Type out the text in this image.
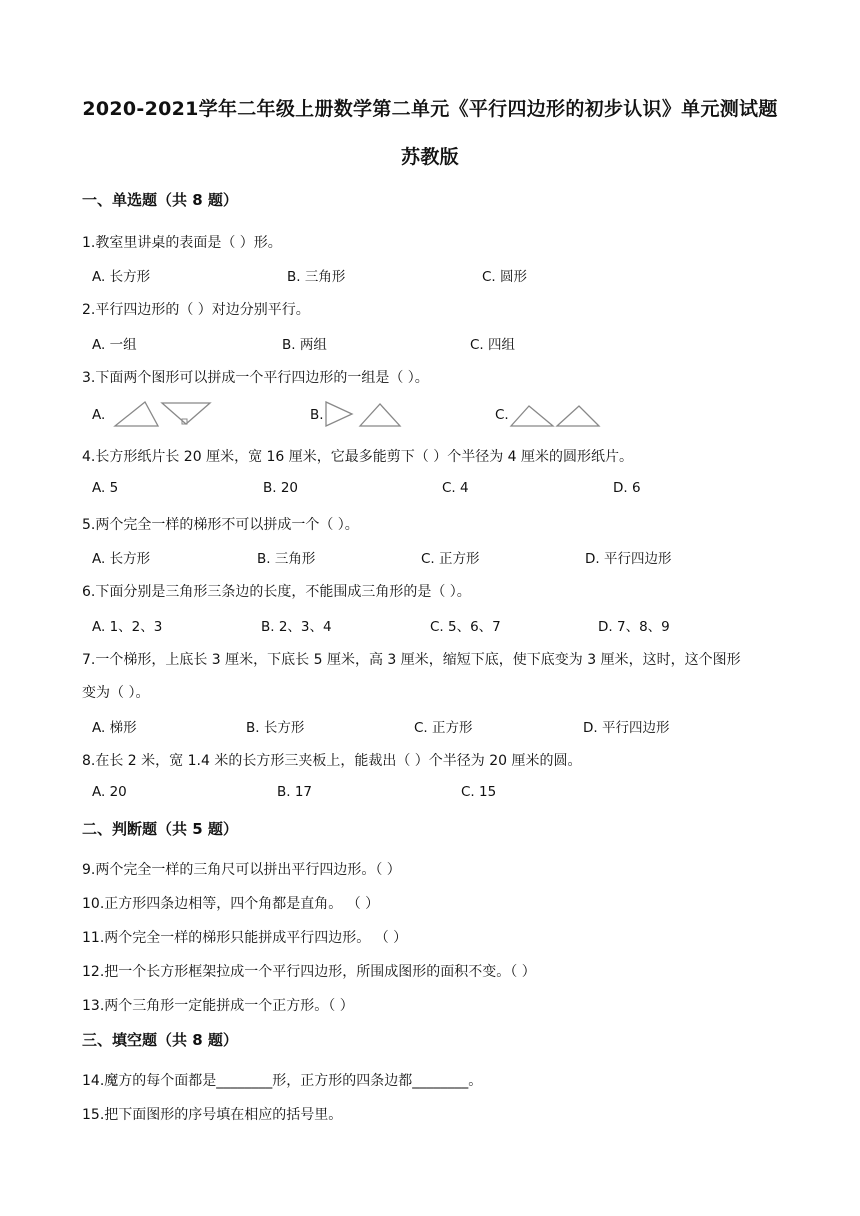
2020-2021学年二年级上册数学第二单元《平行四边形的初步认识》单元测试题
苏教版
一、单选题（共 8 题）
1.教室里讲桌的表面是（ ）形。
A. 长方形	B. 三角形	C. 圆形
2.平行四边形的（ ）对边分别平行。
A. 一组	B. 两组	C. 四组
3.下面两个图形可以拼成一个平行四边形的一组是（ ）。
A.	B.	C.
4.长方形纸片长 20 厘米，宽 16 厘米，它最多能剪下（ ）个半径为 4 厘米的圆形纸片。
A. 5	B. 20	C. 4	D. 6
5.两个完全一样的梯形不可以拼成一个（ ）。
A. 长方形	B. 三角形	C. 正方形	D. 平行四边形
6.下面分别是三角形三条边的长度，不能围成三角形的是（ ）。
A. 1、2、3	B. 2、3、4	C. 5、6、7	D. 7、8、9
7.一个梯形，上底长 3 厘米，下底长 5 厘米，高 3 厘米，缩短下底，使下底变为 3 厘米，这时，这个图形
变为（ ）。
A. 梯形	B. 长方形	C. 正方形	D. 平行四边形
8.在长 2 米，宽 1.4 米的长方形三夹板上，能裁出（ ）个半径为 20 厘米的圆。
A. 20	B. 17	C. 15
二、判断题（共 5 题）
9.两个完全一样的三角尺可以拼出平行四边形。（ ）
10.正方形四条边相等，四个角都是直角。 （ ）
11.两个完全一样的梯形只能拼成平行四边形。 （ ）
12.把一个长方形框架拉成一个平行四边形，所围成图形的面积不变。（ ）
13.两个三角形一定能拼成一个正方形。（ ）
三、填空题（共 8 题）
14.魔方的每个面都是________形，正方形的四条边都________。
15.把下面图形的序号填在相应的括号里。
